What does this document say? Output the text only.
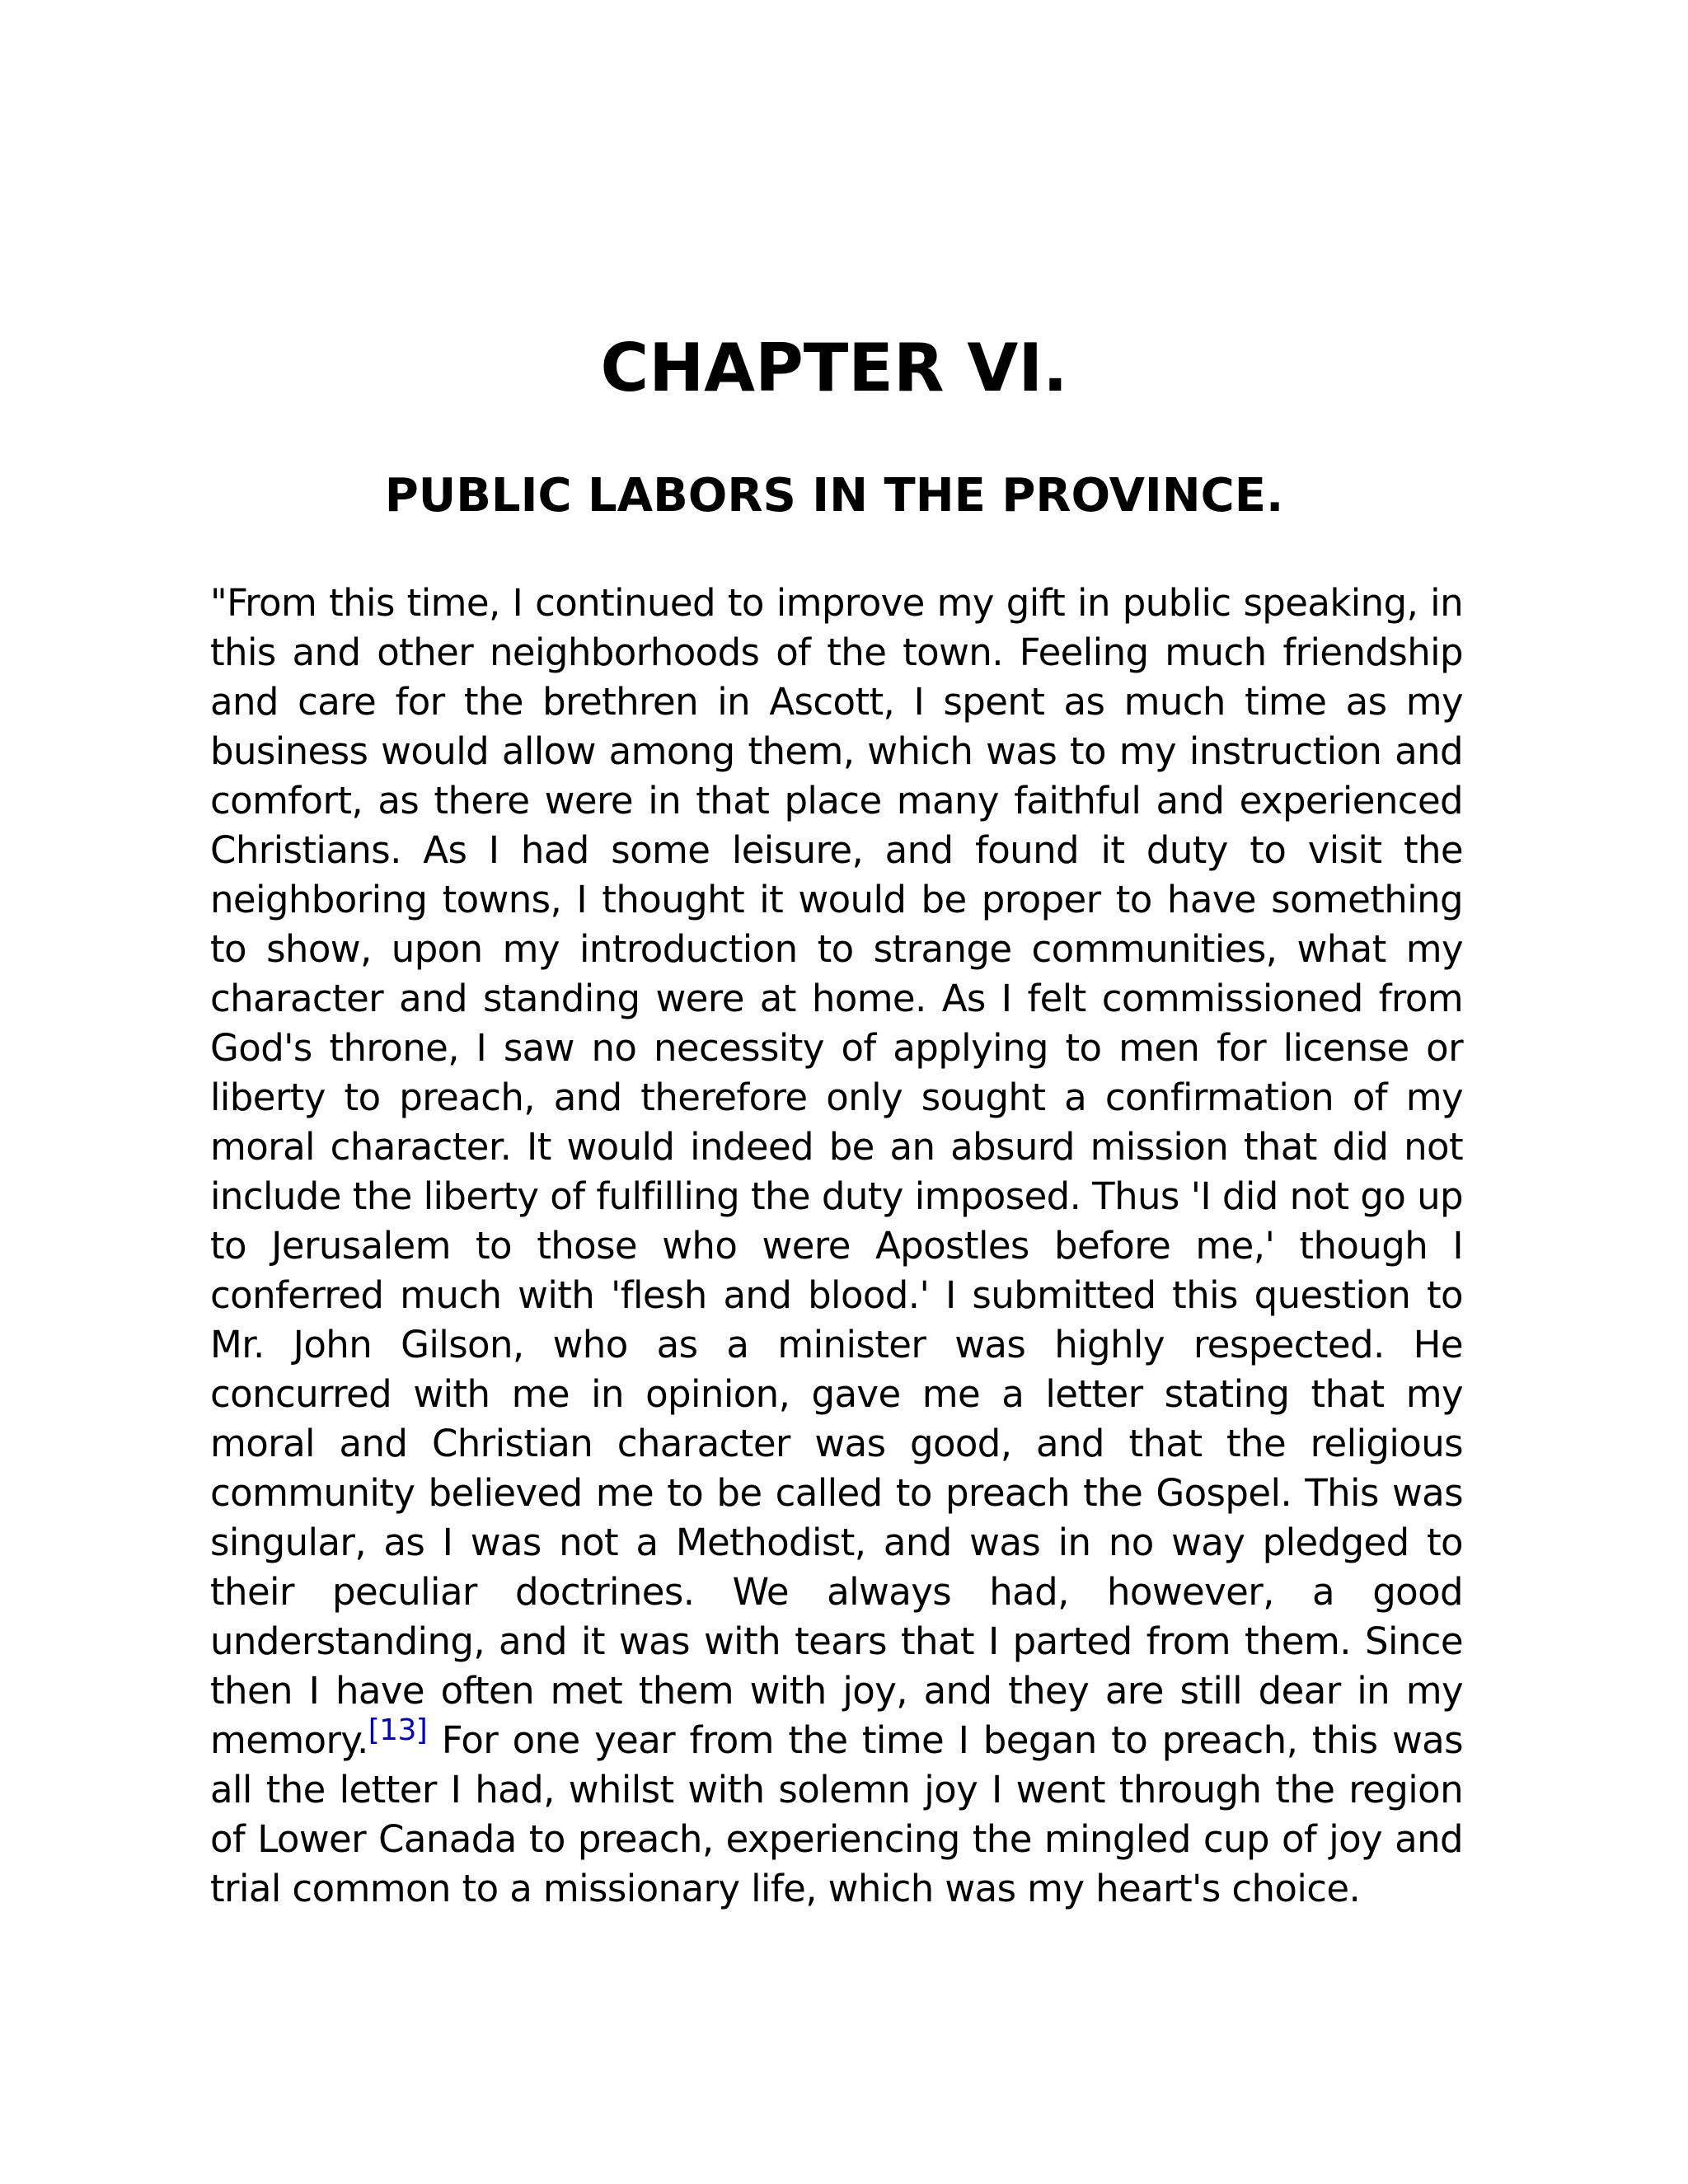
CHAPTER VI.
PUBLIC LABORS IN THE PROVINCE.

"From this time, I continued to improve my gift in public speaking, in this and other neighborhoods of the town. Feeling much friendship and care for the brethren in Ascott, I spent as much time as my business would allow among them, which was to my instruction and comfort, as there were in that place many faithful and experienced Christians. As I had some leisure, and found it duty to visit the neighboring towns, I thought it would be proper to have something to show, upon my introduction to strange communities, what my character and standing were at home. As I felt commissioned from God's throne, I saw no necessity of applying to men for license or liberty to preach, and therefore only sought a confirmation of my moral character. It would indeed be an absurd mission that did not include the liberty of fulfilling the duty imposed. Thus 'I did not go up to Jerusalem to those who were Apostles before me,' though I conferred much with 'flesh and blood.' I submitted this question to Mr. John Gilson, who as a minister was highly respected. He concurred with me in opinion, gave me a letter stating that my moral and Christian character was good, and that the religious community believed me to be called to preach the Gospel. This was singular, as I was not a Methodist, and was in no way pledged to their peculiar doctrines. We always had, however, a good understanding, and it was with tears that I parted from them. Since then I have often met them with joy, and they are still dear in my memory.[13] For one year from the time I began to preach, this was all the letter I had, whilst with solemn joy I went through the region of Lower Canada to preach, experiencing the mingled cup of joy and trial common to a missionary life, which was my heart's choice.
